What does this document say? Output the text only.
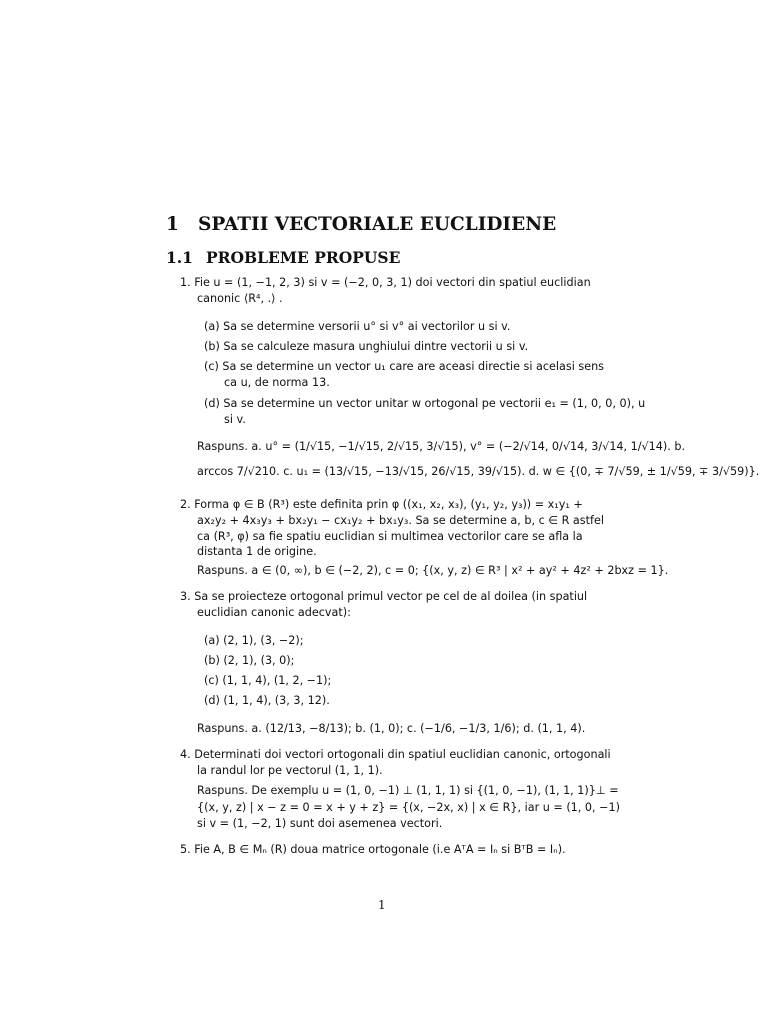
1 SPATII VECTORIALE EUCLIDIENE
1.1 PROBLEME PROPUSE
1. Fie u = (1, −1, 2, 3) si v = (−2, 0, 3, 1) doi vectori din spatiul euclidian
canonic ⟨R⁴, .⟩ .
(a) Sa se determine versorii u° si v° ai vectorilor u si v.
(b) Sa se calculeze masura unghiului dintre vectorii u si v.
(c) Sa se determine un vector u₁ care are aceasi directie si acelasi sens
ca u, de norma 13.
(d) Sa se determine un vector unitar w ortogonal pe vectorii e₁ = (1, 0, 0, 0), u
si v.
Raspuns. a. u° = (1/√15, −1/√15, 2/√15, 3/√15), v° = (−2/√14, 0/√14, 3/√14, 1/√14). b.
arccos 7/√210. c. u₁ = (13/√15, −13/√15, 26/√15, 39/√15). d. w ∈ {(0, ∓ 7/√59, ± 1/√59, ∓ 3/√59)}.
2. Forma φ ∈ B (R³) este definita prin φ ((x₁, x₂, x₃), (y₁, y₂, y₃)) = x₁y₁ +
ax₂y₂ + 4x₃y₃ + bx₂y₁ − cx₁y₂ + bx₁y₃. Sa se determine a, b, c ∈ R astfel
ca (R³, φ) sa fie spatiu euclidian si multimea vectorilor care se afla la
distanta 1 de origine.
Raspuns. a ∈ (0, ∞), b ∈ (−2, 2), c = 0; {(x, y, z) ∈ R³ | x² + ay² + 4z² + 2bxz = 1}.
3. Sa se proiecteze ortogonal primul vector pe cel de al doilea (in spatiul
euclidian canonic adecvat):
(a) (2, 1), (3, −2);
(b) (2, 1), (3, 0);
(c) (1, 1, 4), (1, 2, −1);
(d) (1, 1, 4), (3, 3, 12).
Raspuns. a. (12/13, −8/13); b. (1, 0); c. (−1/6, −1/3, 1/6); d. (1, 1, 4).
4. Determinati doi vectori ortogonali din spatiul euclidian canonic, ortogonali
la randul lor pe vectorul (1, 1, 1).
Raspuns. De exemplu u = (1, 0, −1) ⊥ (1, 1, 1) si {(1, 0, −1), (1, 1, 1)}⊥ =
{(x, y, z) | x − z = 0 = x + y + z} = {(x, −2x, x) | x ∈ R}, iar u = (1, 0, −1)
si v = (1, −2, 1) sunt doi asemenea vectori.
5. Fie A, B ∈ Mₙ (R) doua matrice ortogonale (i.e AᵀA = Iₙ si BᵀB = Iₙ).
1
